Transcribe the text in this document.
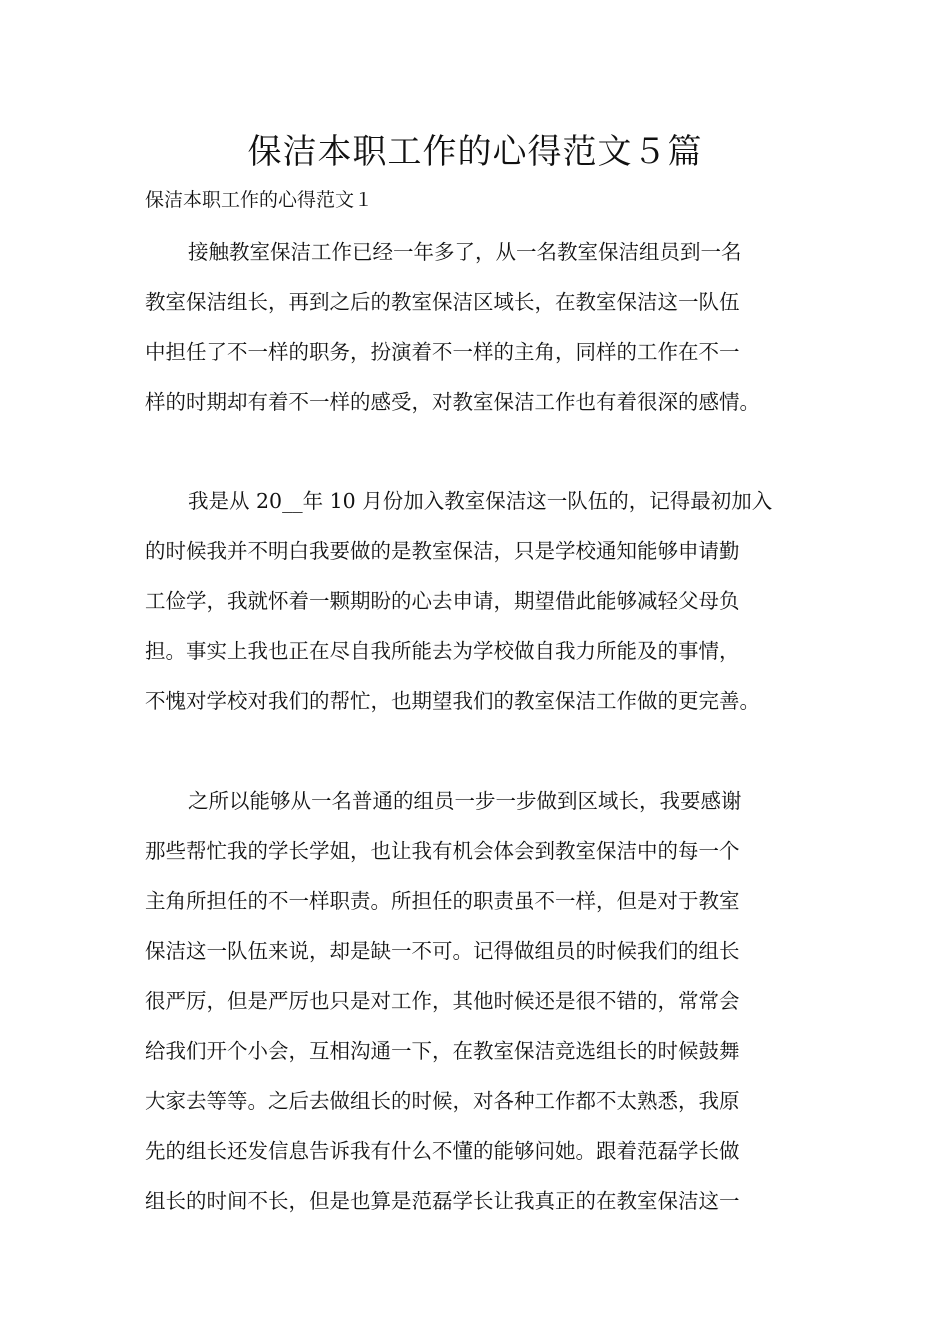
保洁本职工作的心得范文５篇
保洁本职工作的心得范文１
接触教室保洁工作已经一年多了，从一名教室保洁组员到一名
教室保洁组长，再到之后的教室保洁区域长，在教室保洁这一队伍
中担任了不一样的职务，扮演着不一样的主角，同样的工作在不一
样的时期却有着不一样的感受，对教室保洁工作也有着很深的感情。
我是从 20__年 10 月份加入教室保洁这一队伍的，记得最初加入
的时候我并不明白我要做的是教室保洁，只是学校通知能够申请勤
工俭学，我就怀着一颗期盼的心去申请，期望借此能够减轻父母负
担。事实上我也正在尽自我所能去为学校做自我力所能及的事情，
不愧对学校对我们的帮忙，也期望我们的教室保洁工作做的更完善。
之所以能够从一名普通的组员一步一步做到区域长，我要感谢
那些帮忙我的学长学姐，也让我有机会体会到教室保洁中的每一个
主角所担任的不一样职责。所担任的职责虽不一样，但是对于教室
保洁这一队伍来说，却是缺一不可。记得做组员的时候我们的组长
很严厉，但是严厉也只是对工作，其他时候还是很不错的，常常会
给我们开个小会，互相沟通一下，在教室保洁竞选组长的时候鼓舞
大家去等等。之后去做组长的时候，对各种工作都不太熟悉，我原
先的组长还发信息告诉我有什么不懂的能够问她。跟着范磊学长做
组长的时间不长，但是也算是范磊学长让我真正的在教室保洁这一
